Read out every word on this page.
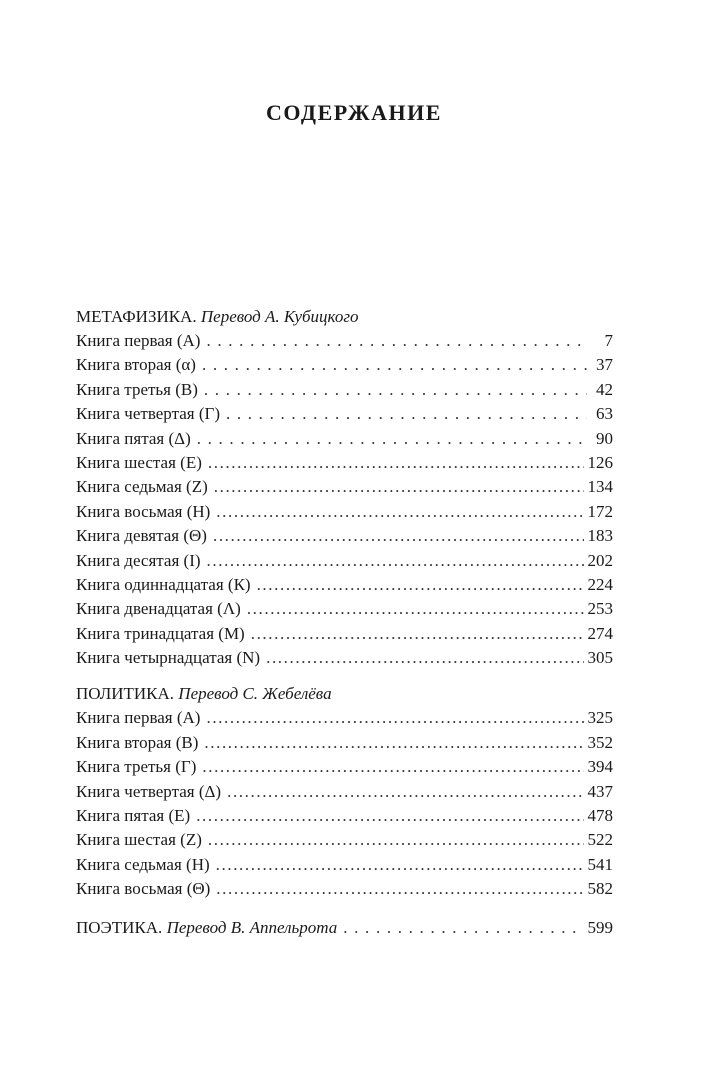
СОДЕРЖАНИЕ
МЕТАФИЗИКА. Перевод А. Кубицкого
Книга первая (А) . . .	7
Книга вторая (α) . . .	37
Книга третья (В) . . .	42
Книга четвертая (Г) . . .	63
Книга пятая (Δ) . . .	90
Книга шестая (Е) .....	126
Книга седьмая (Z) .....	134
Книга восьмая (Н) .....	172
Книга девятая (Θ) .....	183
Книга десятая (I) .....	202
Книга одиннадцатая (К) .....	224
Книга двенадцатая (Λ) .....	253
Книга тринадцатая (М) .....	274
Книга четырнадцатая (N) .....	305
ПОЛИТИКА. Перевод С. Жебелёва
Книга первая (А) .....	325
Книга вторая (В) .....	352
Книга третья (Г) .....	394
Книга четвертая (Δ) .....	437
Книга пятая (Е) .....	478
Книга шестая (Z) .....	522
Книга седьмая (Н) .....	541
Книга восьмая (Θ) .....	582
ПОЭТИКА. Перевод В. Аппельрота . . .	599
